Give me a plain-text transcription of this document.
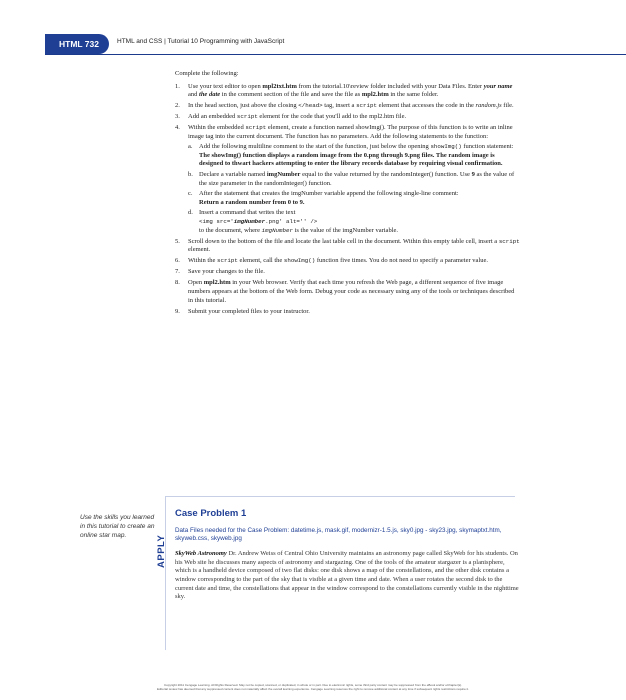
HTML 732	HTML and CSS | Tutorial 10 Programming with JavaScript

Complete the following:

1. Use your text editor to open mpl2txt.htm from the tutorial.10\review folder included with your Data Files. Enter your name and the date in the comment section of the file and save the file as mpl2.htm in the same folder.
2. In the head section, just above the closing </head> tag, insert a script element that accesses the code in the random.js file.
3. Add an embedded script element for the code that you'll add to the mpl2.htm file.
4. Within the embedded script element, create a function named showImg(). The purpose of this function is to write an inline image tag into the current document. The function has no parameters. Add the following statements to the function:
a. Add the following multiline comment to the start of the function, just below the opening showImg() function statement:

The showImg() function displays a random image from the 0.png through 9.png files. The random image is designed to thwart hackers attempting to enter the library records database by requiring visual confirmation.

b. Declare a variable named imgNumber equal to the value returned by the randomInteger() function. Use 9 as the value of the size parameter in the randomInteger() function.
c. After the statement that creates the imgNumber variable append the following single-line comment:

Return a random number from 0 to 9.

d. Insert a command that writes the text

<img src='imgNumber.png' alt='' />

to the document, where imgNumber is the value of the imgNumber variable.

5. Scroll down to the bottom of the file and locate the last table cell in the document. Within this empty table cell, insert a script element.
6. Within the script element, call the showImg() function five times. You do not need to specify a parameter value.
7. Save your changes to the file.
8. Open mpl2.htm in your Web browser. Verify that each time you refresh the Web page, a different sequence of five image numbers appears at the bottom of the Web form. Debug your code as necessary using any of the tools or techniques described in this tutorial.
9. Submit your completed files to your instructor.
Use the skills you learned in this tutorial to create an online star map.	APPLY
Case Problem 1
Data Files needed for the Case Problem: datetime.js, mask.gif, modernizr-1.5.js, sky0.jpg - sky23.jpg, skymaptxt.htm, skyweb.css, skyweb.jpg

SkyWeb Astronomy Dr. Andrew Weiss of Central Ohio University maintains an astronomy page called SkyWeb for his students. On his Web site he discusses many aspects of astronomy and stargazing. One of the tools of the amateur stargazer is a planisphere, which is a handheld device composed of two flat disks: one disk shows a map of the constellations, and the other disk contains a window corresponding to the part of the sky that is visible at a given time and date. When a user rotates the second disk to the current date and time, the constellations that appear in the window correspond to the constellations currently visible in the nighttime sky.

Copyright 2011 Cengage Learning. All Rights Reserved. May not be copied, scanned, or duplicated, in whole or in part. Due to electronic rights, some third party content may be suppressed from the eBook and/or eChapter(s).
Editorial review has deemed that any suppressed content does not materially affect the overall learning experience. Cengage Learning reserves the right to remove additional content at any time if subsequent rights restrictions require it.
